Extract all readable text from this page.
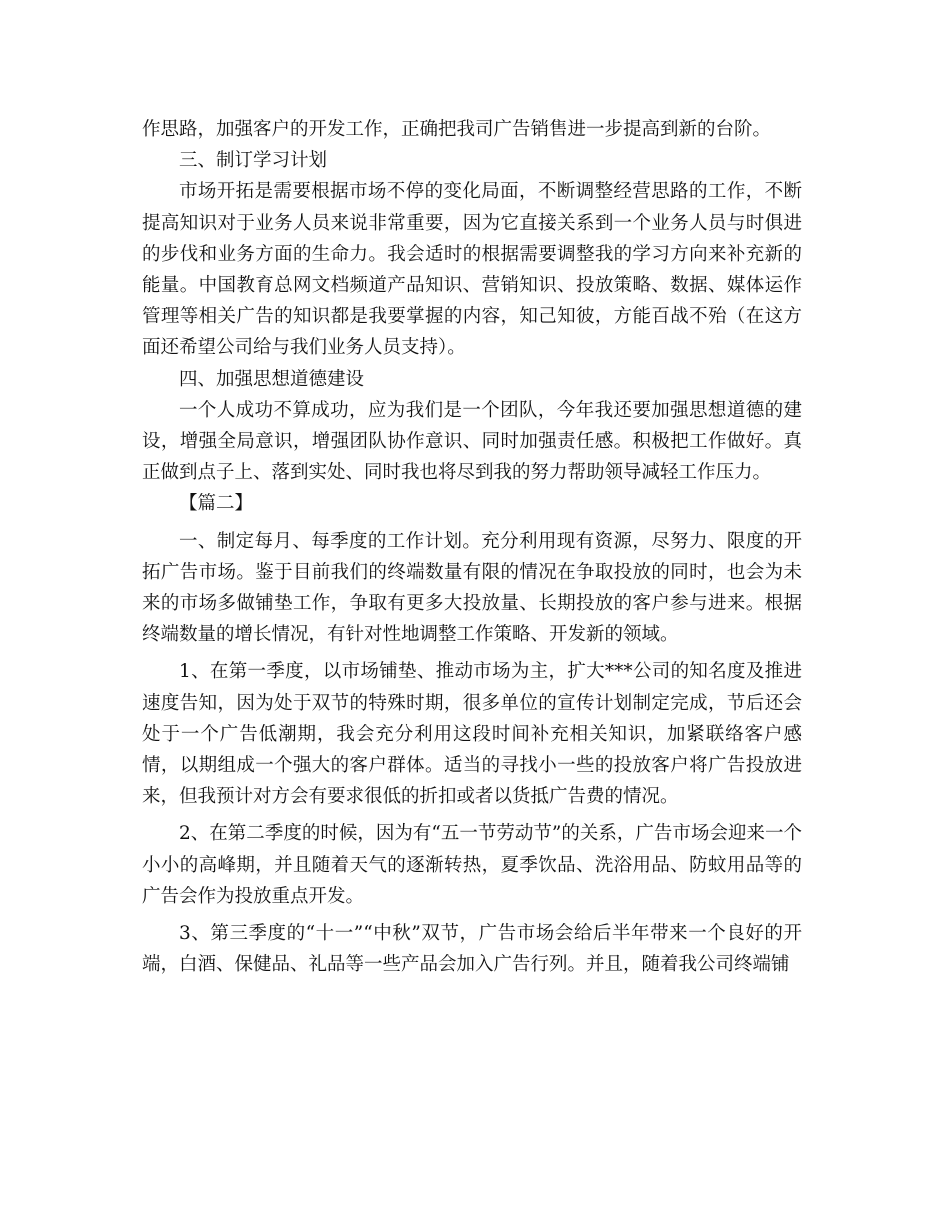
作思路，加强客户的开发工作，正确把我司广告销售进一步提高到新的台阶。

三、制订学习计划

市场开拓是需要根据市场不停的变化局面，不断调整经营思路的工作，不断提高知识对于业务人员来说非常重要，因为它直接关系到一个业务人员与时俱进的步伐和业务方面的生命力。我会适时的根据需要调整我的学习方向来补充新的能量。中国教育总网文档频道产品知识、营销知识、投放策略、数据、媒体运作管理等相关广告的知识都是我要掌握的内容，知己知彼，方能百战不殆（在这方面还希望公司给与我们业务人员支持）。

四、加强思想道德建设

一个人成功不算成功，应为我们是一个团队，今年我还要加强思想道德的建设，增强全局意识，增强团队协作意识、同时加强责任感。积极把工作做好。真正做到点子上、落到实处、同时我也将尽到我的努力帮助领导减轻工作压力。

【篇二】

一、制定每月、每季度的工作计划。充分利用现有资源，尽努力、限度的开拓广告市场。鉴于目前我们的终端数量有限的情况在争取投放的同时，也会为未来的市场多做铺垫工作，争取有更多大投放量、长期投放的客户参与进来。根据终端数量的增长情况，有针对性地调整工作策略、开发新的领域。

1、在第一季度，以市场铺垫、推动市场为主，扩大***公司的知名度及推进速度告知，因为处于双节的特殊时期，很多单位的宣传计划制定完成，节后还会处于一个广告低潮期，我会充分利用这段时间补充相关知识，加紧联络客户感情，以期组成一个强大的客户群体。适当的寻找小一些的投放客户将广告投放进来，但我预计对方会有要求很低的折扣或者以货抵广告费的情况。

2、在第二季度的时候，因为有“五一节劳动节”的关系，广告市场会迎来一个小小的高峰期，并且随着天气的逐渐转热，夏季饮品、洗浴用品、防蚊用品等的广告会作为投放重点开发。

3、第三季度的“十一”“中秋”双节，广告市场会给后半年带来一个良好的开端，白酒、保健品、礼品等一些产品会加入广告行列。并且，随着我公司终端铺
